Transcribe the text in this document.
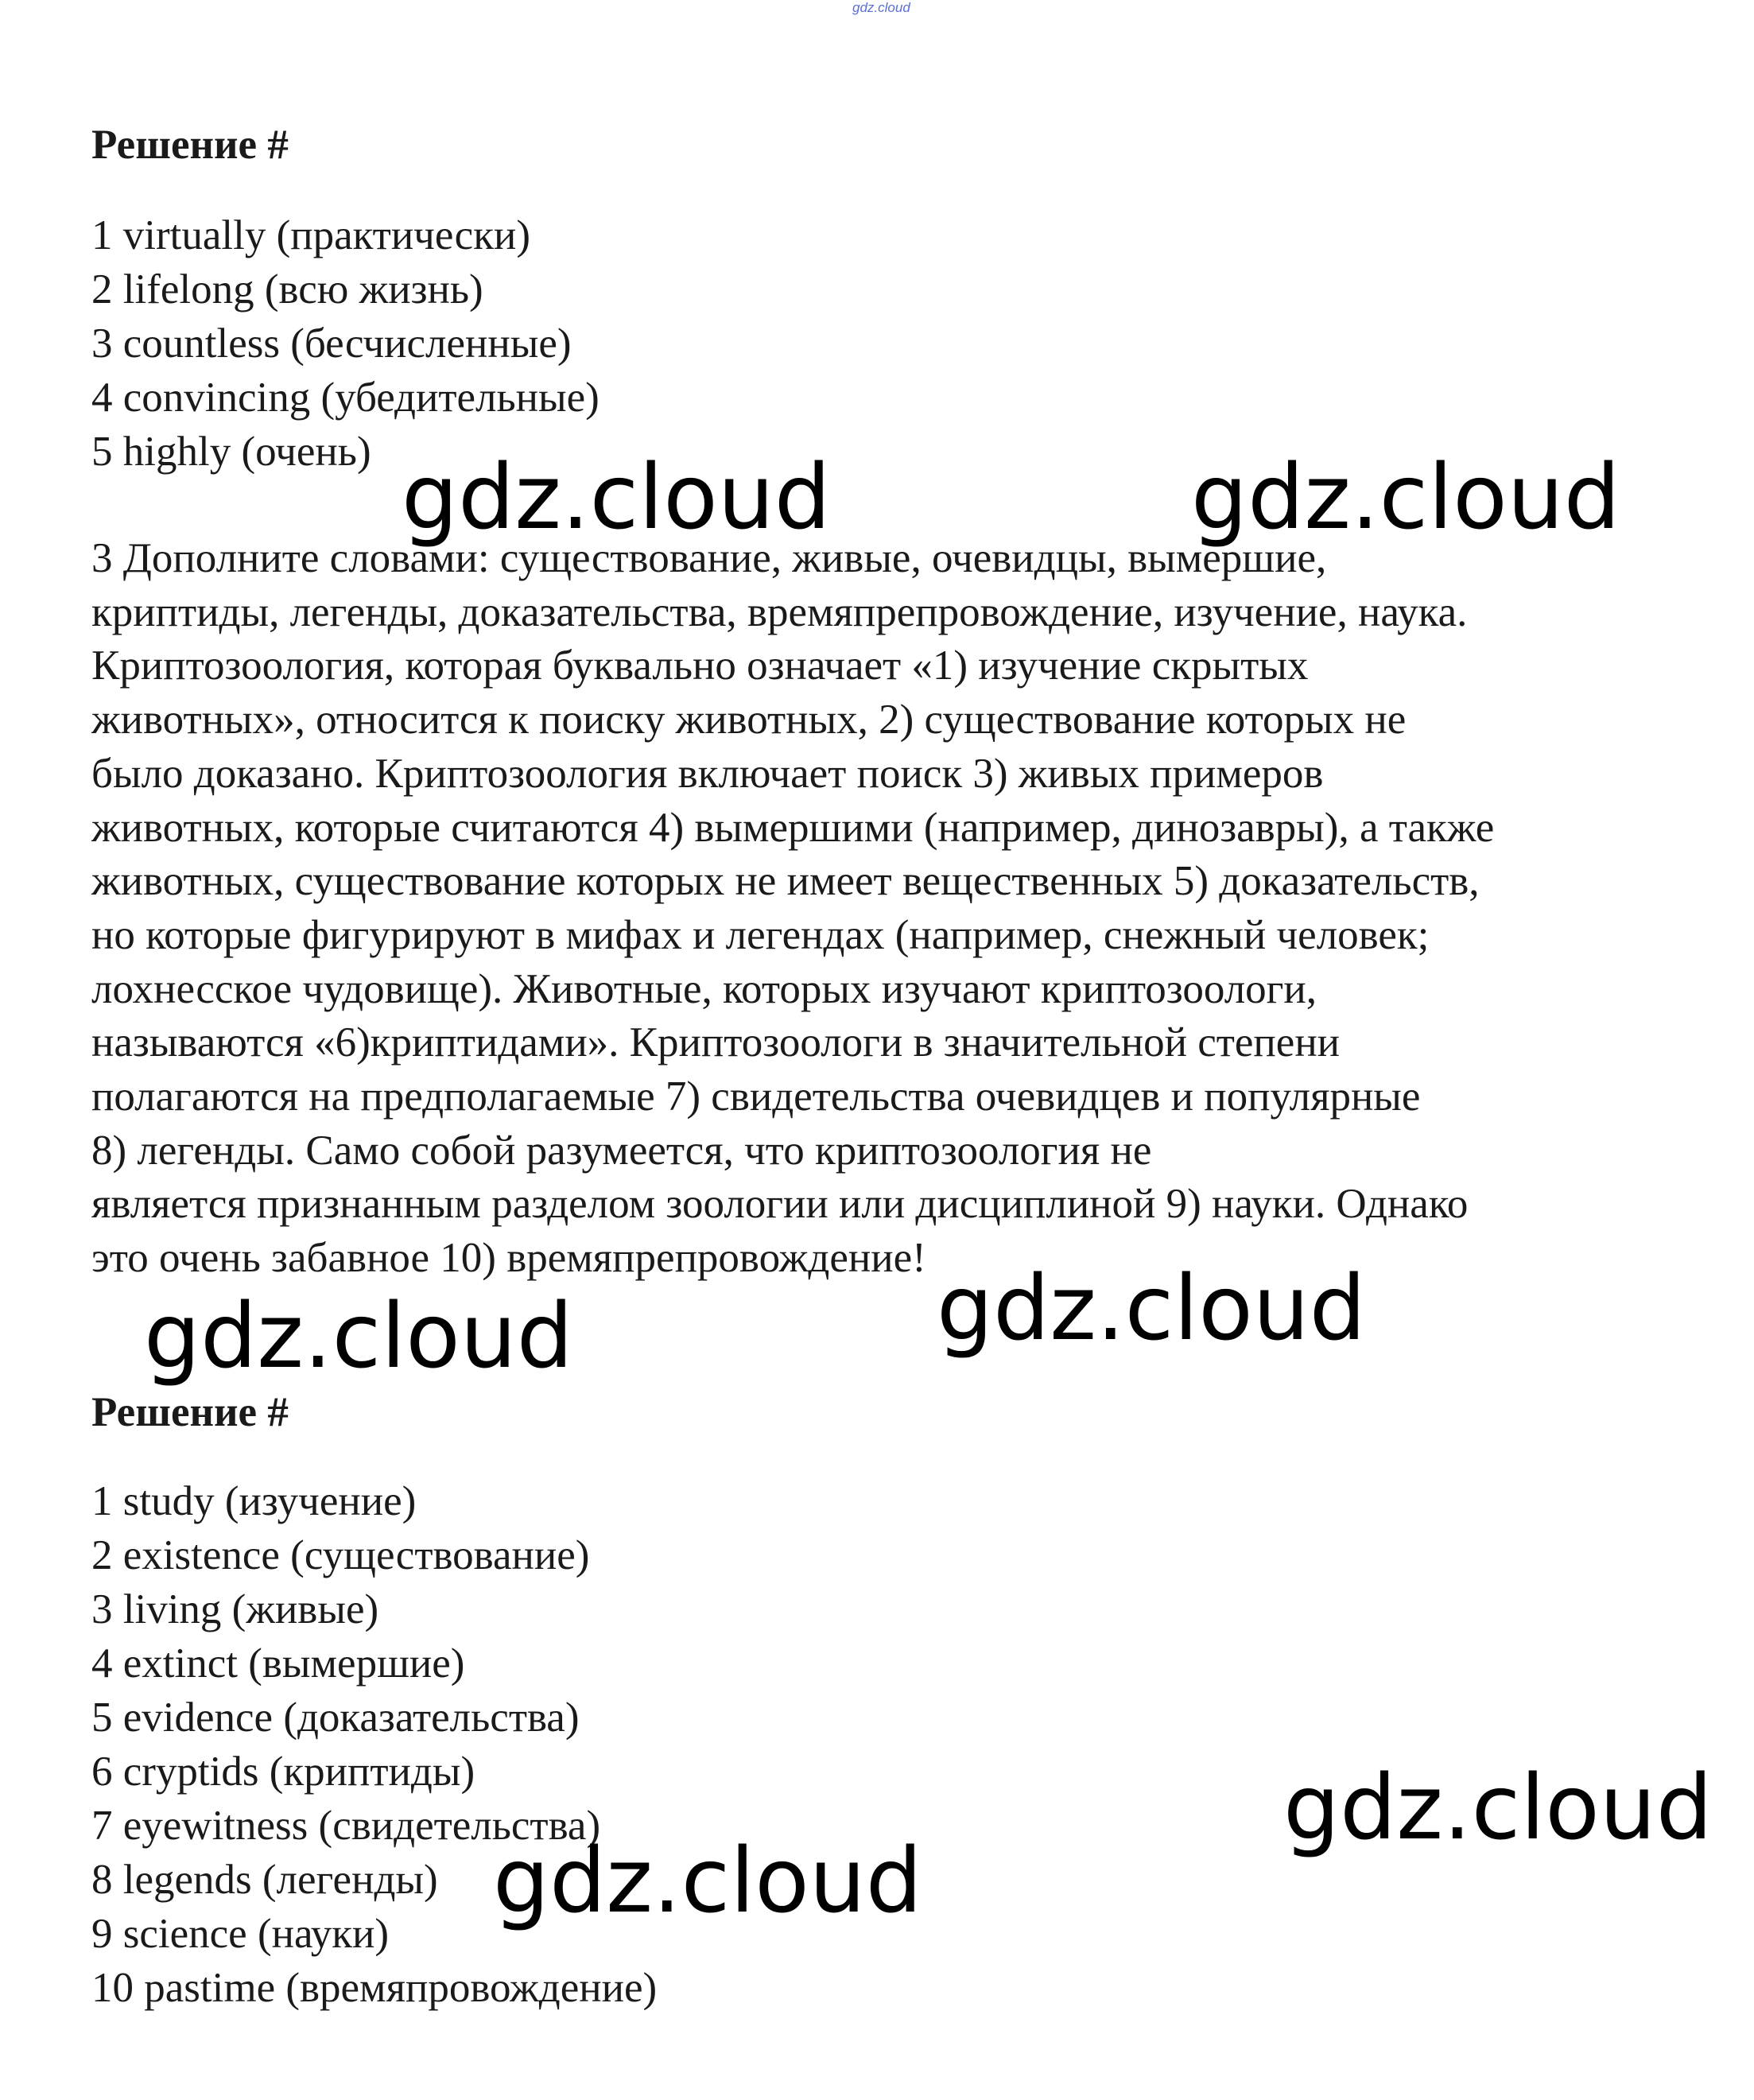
gdz.cloud
Решение #
1 virtually (практически)
2 lifelong (всю жизнь)
3 countless (бесчисленные)
4 convincing (убедительные)
5 highly (очень)
3 Дополните словами: существование, живые, очевидцы, вымершие,
криптиды, легенды, доказательства, времяпрепровождение, изучение, наука.
Криптозоология, которая буквально означает «1) изучение скрытых
животных», относится к поиску животных, 2) существование которых не
было доказано. Криптозоология включает поиск 3) живых примеров
животных, которые считаются 4) вымершими (например, динозавры), а также
животных, существование которых не имеет вещественных 5) доказательств,
но которые фигурируют в мифах и легендах (например, снежный человек;
лохнесское чудовище). Животные, которых изучают криптозоологи,
называются «6)криптидами». Криптозоологи в значительной степени
полагаются на предполагаемые 7) свидетельства очевидцев и популярные
8) легенды. Само собой разумеется, что криптозоология не
является признанным разделом зоологии или дисциплиной 9) науки. Однако
это очень забавное 10) времяпрепровождение!
Решение #
1 study (изучение)
2 existence (существование)
3 living (живые)
4 extinct (вымершие)
5 evidence (доказательства)
6 cryptids (криптиды)
7 eyewitness (свидетельства)
8 legends (легенды)
9 science (науки)
10 pastime (времяпровождение)
gdz.cloud	gdz.cloud
gdz.cloud
gdz.cloud
gdz.cloud
gdz.cloud
